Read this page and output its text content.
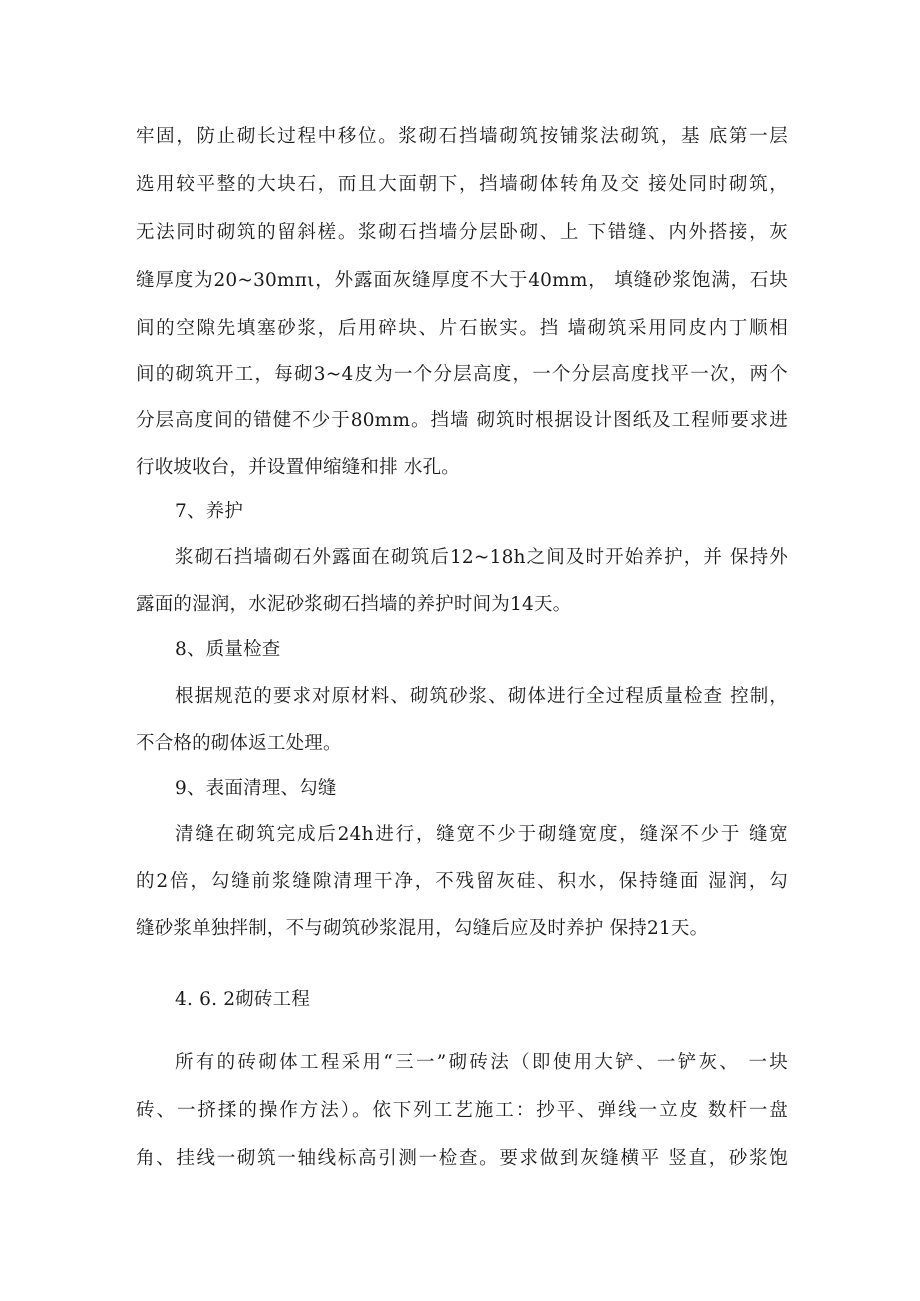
牢固，防止砌长过程中移位。浆砌石挡墙砌筑按铺浆法砌筑，基 底第一层
选用较平整的大块石，而且大面朝下，挡墙砌体转角及交 接处同时砌筑，
无法同时砌筑的留斜槎。浆砌石挡墙分层卧砌、上 下错缝、内外搭接，灰
缝厚度为20~30mπι，外露面灰缝厚度不大于40mm， 填缝砂浆饱满，石块
间的空隙先填塞砂浆，后用碎块、片石嵌实。挡 墙砌筑采用同皮内丁顺相
间的砌筑开工，每砌3~4皮为一个分层高度，一个分层高度找平一次，两个
分层高度间的错健不少于80mm。挡墙 砌筑时根据设计图纸及工程师要求进
行收坡收台，并设置伸缩缝和排 水孔。
7、养护
浆砌石挡墙砌石外露面在砌筑后12~18h之间及时开始养护，并 保持外
露面的湿润，水泥砂浆砌石挡墙的养护时间为14天。
8、质量检查
根据规范的要求对原材料、砌筑砂浆、砌体进行全过程质量检查 控制，
不合格的砌体返工处理。
9、表面清理、勾缝
清缝在砌筑完成后24h进行，缝宽不少于砌缝宽度，缝深不少于 缝宽
的2倍，勾缝前浆缝隙清理干净，不残留灰硅、积水，保持缝面 湿润，勾
缝砂浆单独拌制，不与砌筑砂浆混用，勾缝后应及时养护 保持21天。
4. 6. 2砌砖工程
所有的砖砌体工程采用“三一”砌砖法（即使用大铲、一铲灰、 一块
砖、一挤揉的操作方法）。依下列工艺施工：抄平、弹线一立皮 数杆一盘
角、挂线一砌筑一轴线标高引测一检查。要求做到灰缝横平 竖直，砂浆饱
